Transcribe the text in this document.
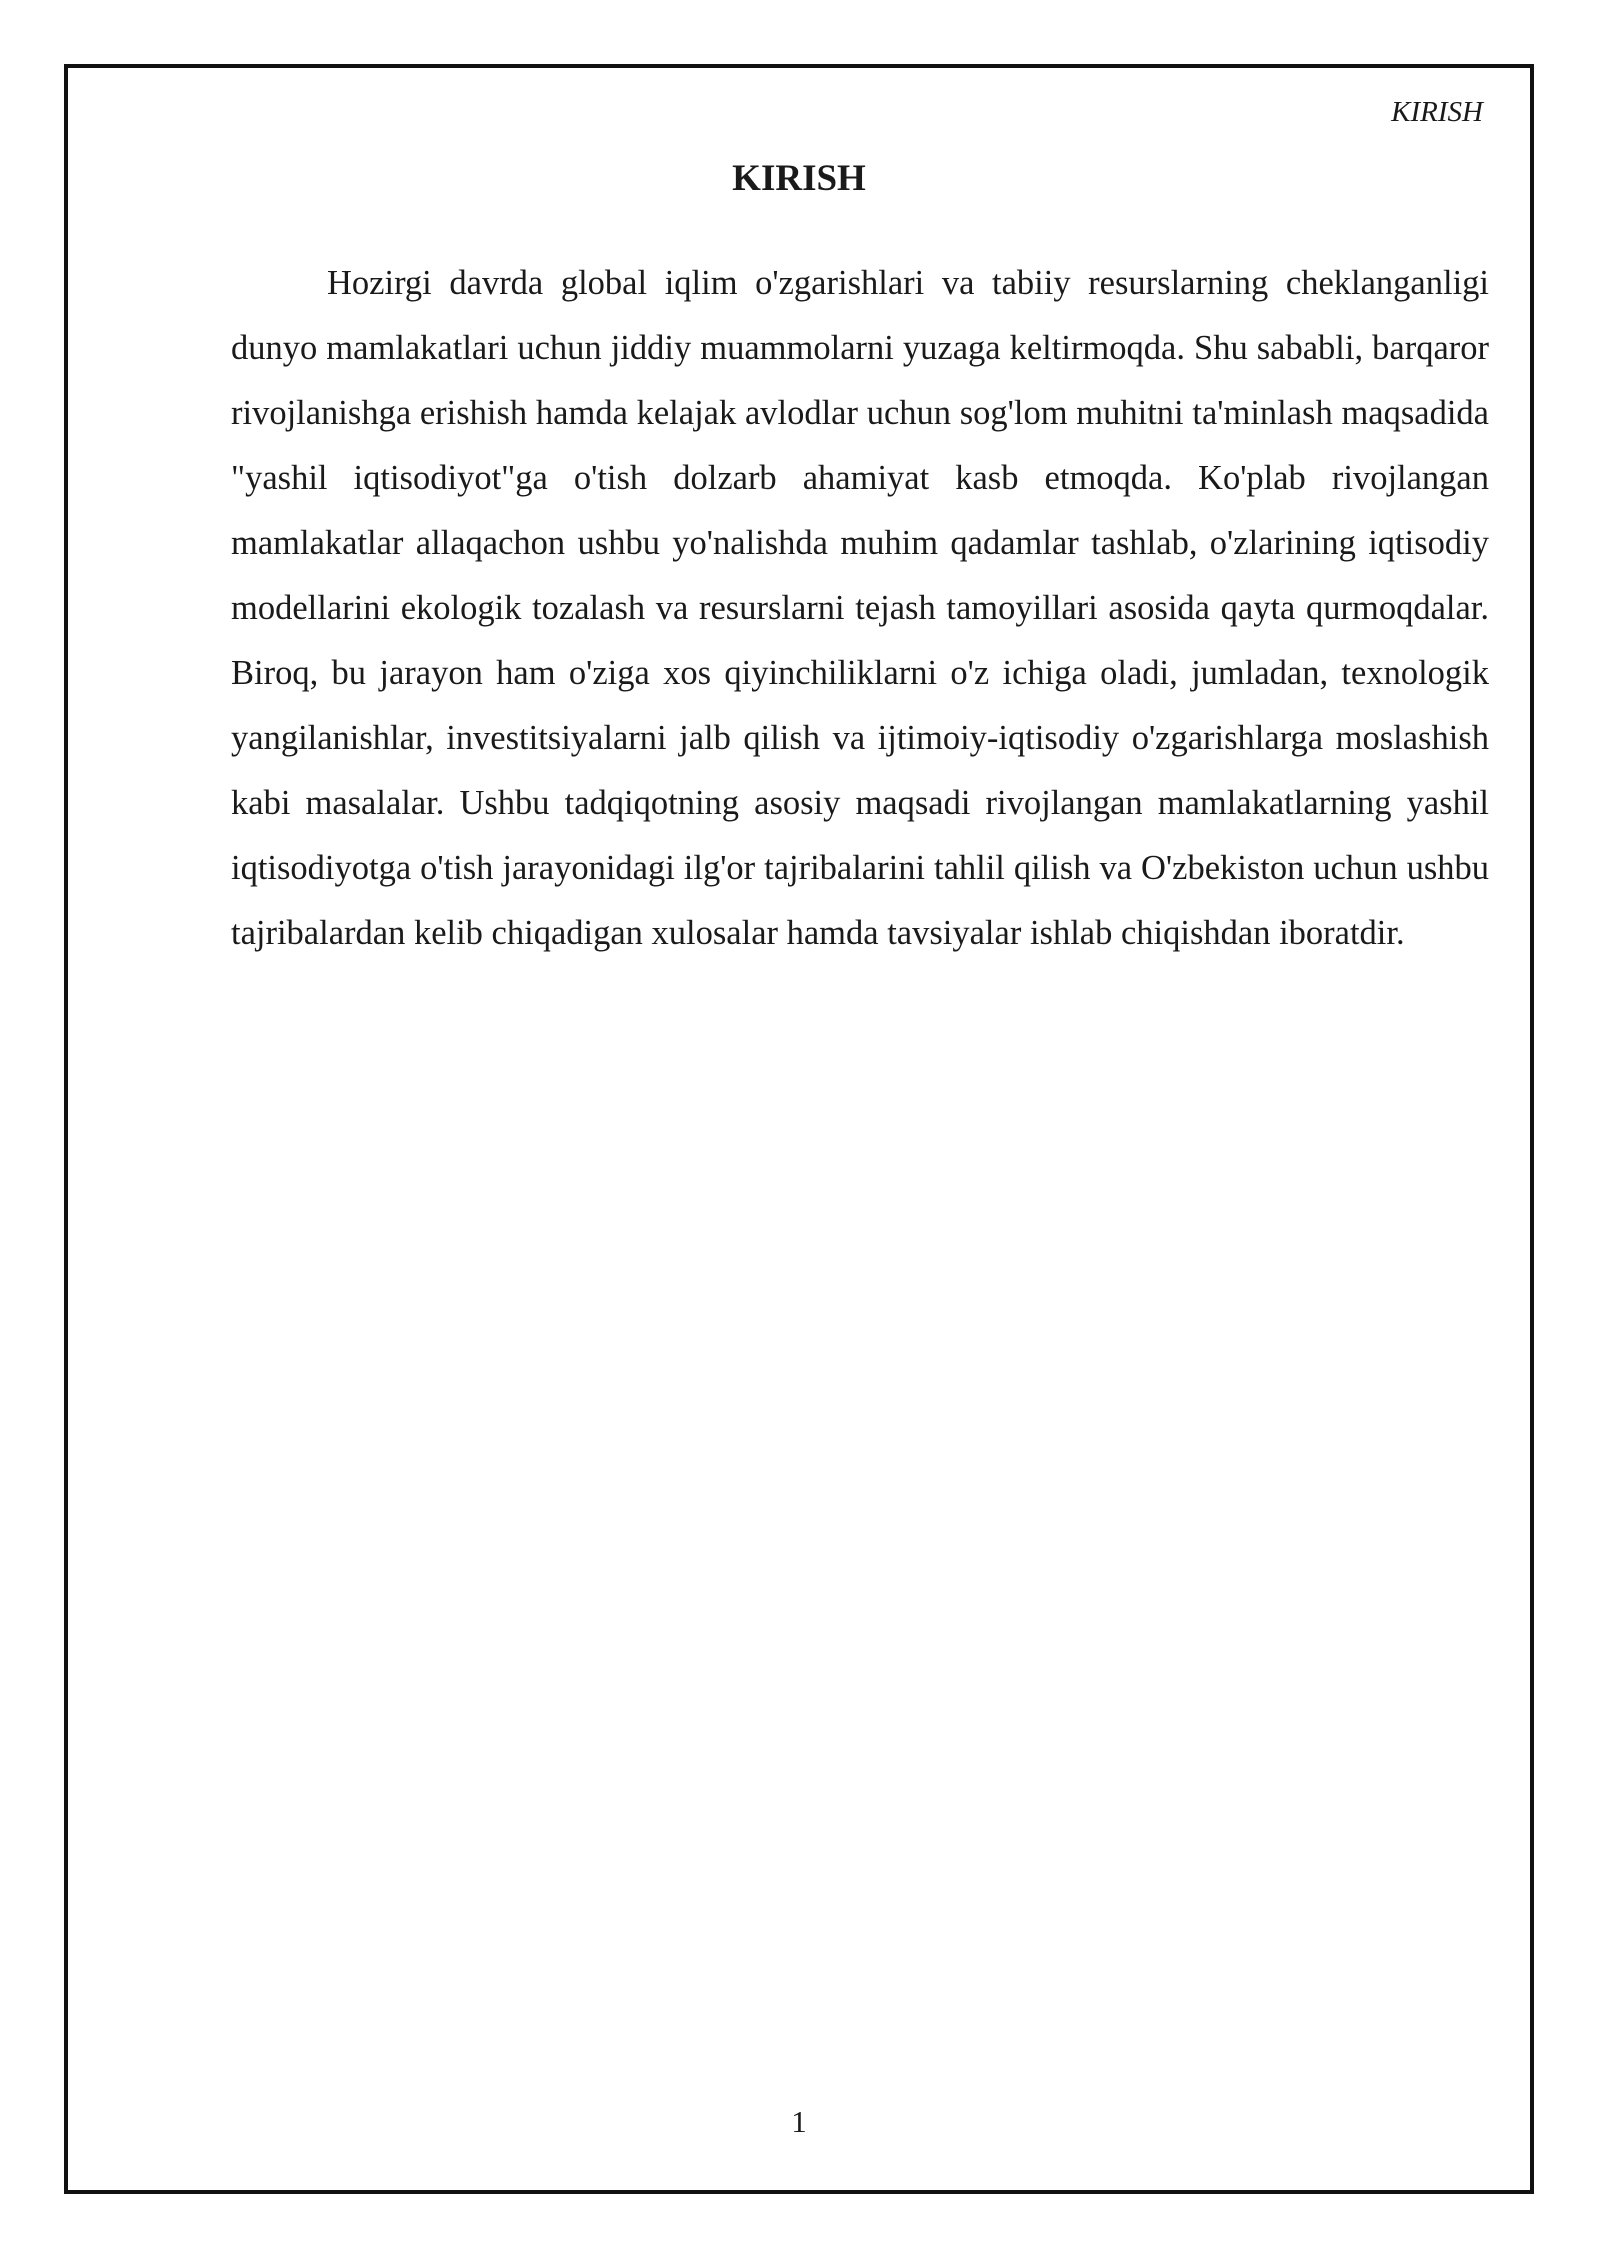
KIRISH
KIRISH

Hozirgi davrda global iqlim o'zgarishlari va tabiiy resurslarning cheklanganligi dunyo mamlakatlari uchun jiddiy muammolarni yuzaga keltirmoqda. Shu sababli, barqaror rivojlanishga erishish hamda kelajak avlodlar uchun sog'lom muhitni ta'minlash maqsadida "yashil iqtisodiyot"ga o'tish dolzarb ahamiyat kasb etmoqda. Ko'plab rivojlangan mamlakatlar allaqachon ushbu yo'nalishda muhim qadamlar tashlab, o'zlarining iqtisodiy modellarini ekologik tozalash va resurslarni tejash tamoyillari asosida qayta qurmoqdalar. Biroq, bu jarayon ham o'ziga xos qiyinchiliklarni o'z ichiga oladi, jumladan, texnologik yangilanishlar, investitsiyalarni jalb qilish va ijtimoiy-iqtisodiy o'zgarishlarga moslashish kabi masalalar. Ushbu tadqiqotning asosiy maqsadi rivojlangan mamlakatlarning yashil iqtisodiyotga o'tish jarayonidagi ilg'or tajribalarini tahlil qilish va O'zbekiston uchun ushbu tajribalardan kelib chiqadigan xulosalar hamda tavsiyalar ishlab chiqishdan iboratdir.

1
